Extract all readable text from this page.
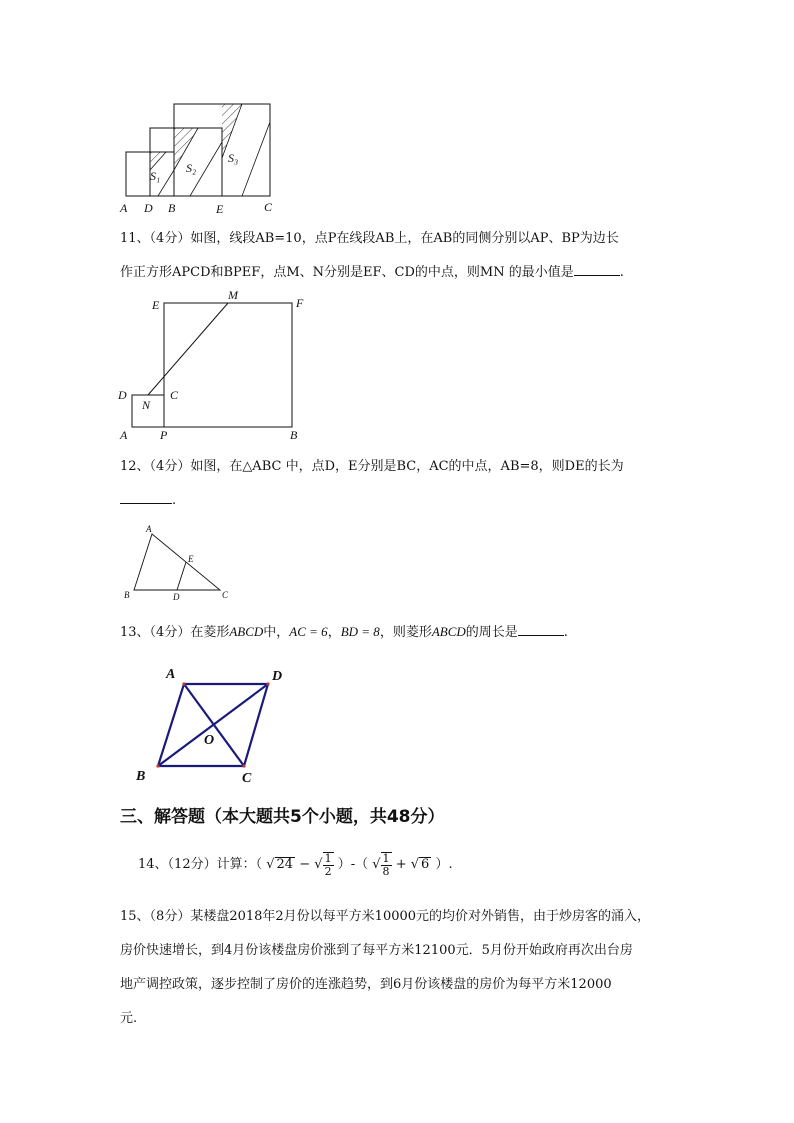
S₁
S₂
S₃
A D B	E	C
11、（4分）如图，线段AB=10，点P在线段AB上，在AB的同侧分别以AP、BP为边长
作正方形APCD和BPEF，点M、N分别是EF、CD的中点，则MN 的最小值是	.
E
M
F
D
N
C
A	P	B
12、（4分）如图，在△ABC 中，点D，E分别是BC，AC的中点，AB=8，则DE的长为
.
A
E
B	D	C
13、（4分）在菱形ABCD中，AC = 6，BD = 8，则菱形ABCD的周长是	.
A	D
O
B	C
三、解答题（本大题共5个小题，共48分）
14、（12分）计算：（ √ 24 − √ $\frac{1}{2}$ ）-（ √ $\frac{1}{8}$ + √ 6 ）.
15、（8分）某楼盘2018年2月份以每平方米10000元的均价对外销售，由于炒房客的涌入，
房价快速增长，到4月份该楼盘房价涨到了每平方米12100元．5月份开始政府再次出台房
地产调控政策，逐步控制了房价的连涨趋势，到6月份该楼盘的房价为每平方米12000
元.
